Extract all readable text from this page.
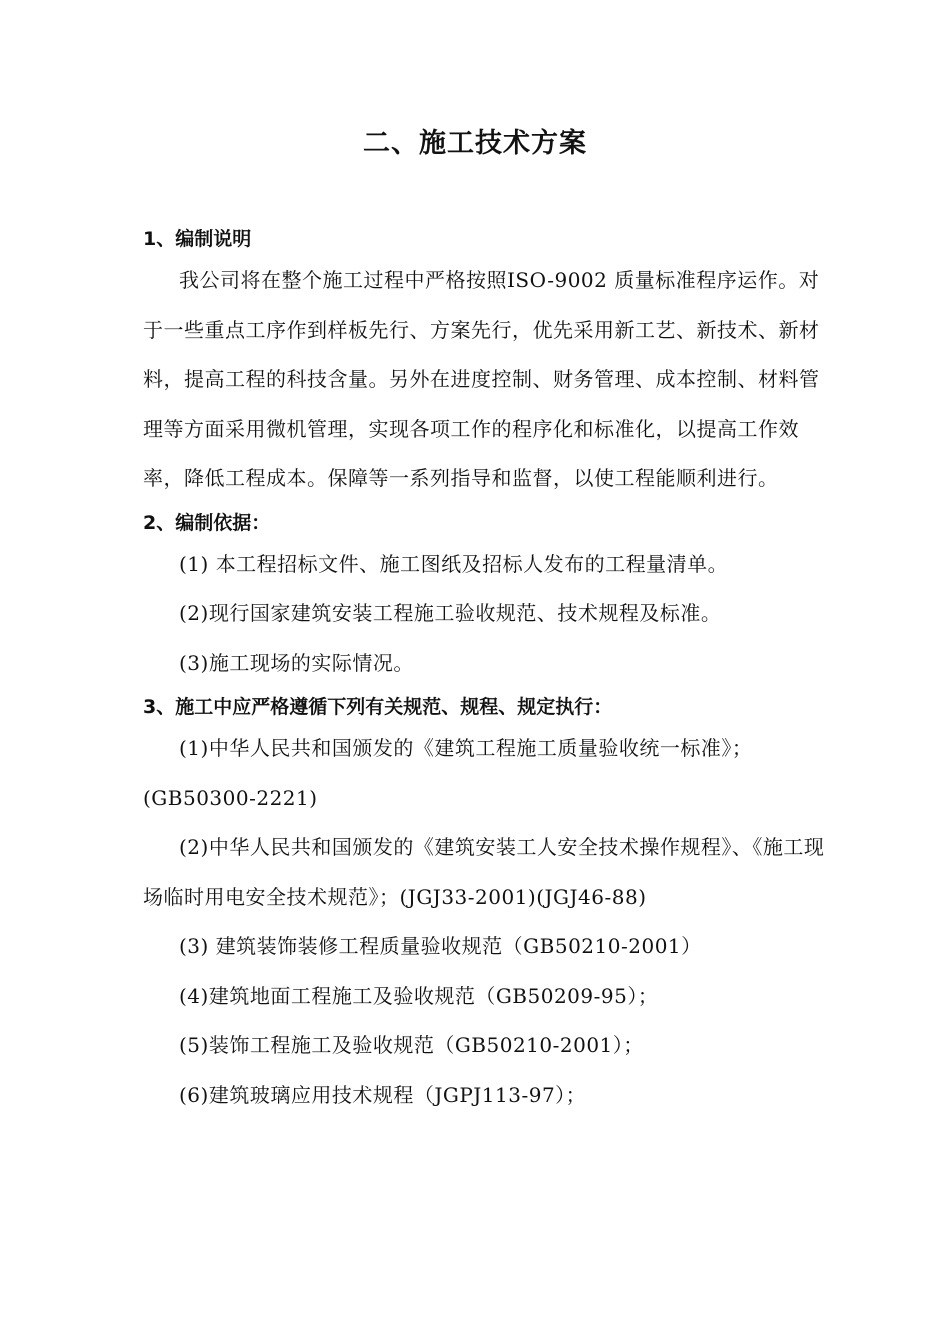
二、施工技术方案

1、编制说明

我公司将在整个施工过程中严格按照ISO-9002 质量标准程序运作。对于一些重点工序作到样板先行、方案先行，优先采用新工艺、新技术、新材料，提高工程的科技含量。另外在进度控制、财务管理、成本控制、材料管理等方面采用微机管理，实现各项工作的程序化和标准化，以提高工作效率，降低工程成本。保障等一系列指导和监督，以使工程能顺利进行。

2、编制依据：

(1) 本工程招标文件、施工图纸及招标人发布的工程量清单。

(2)现行国家建筑安装工程施工验收规范、技术规程及标准。

(3)施工现场的实际情况。

3、施工中应严格遵循下列有关规范、规程、规定执行：

(1)中华人民共和国颁发的《建筑工程施工质量验收统一标准》；(GB50300-2221)

(2)中华人民共和国颁发的《建筑安装工人安全技术操作规程》、《施工现场临时用电安全技术规范》；(JGJ33-2001)(JGJ46-88)

(3) 建筑装饰装修工程质量验收规范（GB50210-2001）

(4)建筑地面工程施工及验收规范（GB50209-95）；

(5)装饰工程施工及验收规范（GB50210-2001）；

(6)建筑玻璃应用技术规程（JGPJ113-97）；
